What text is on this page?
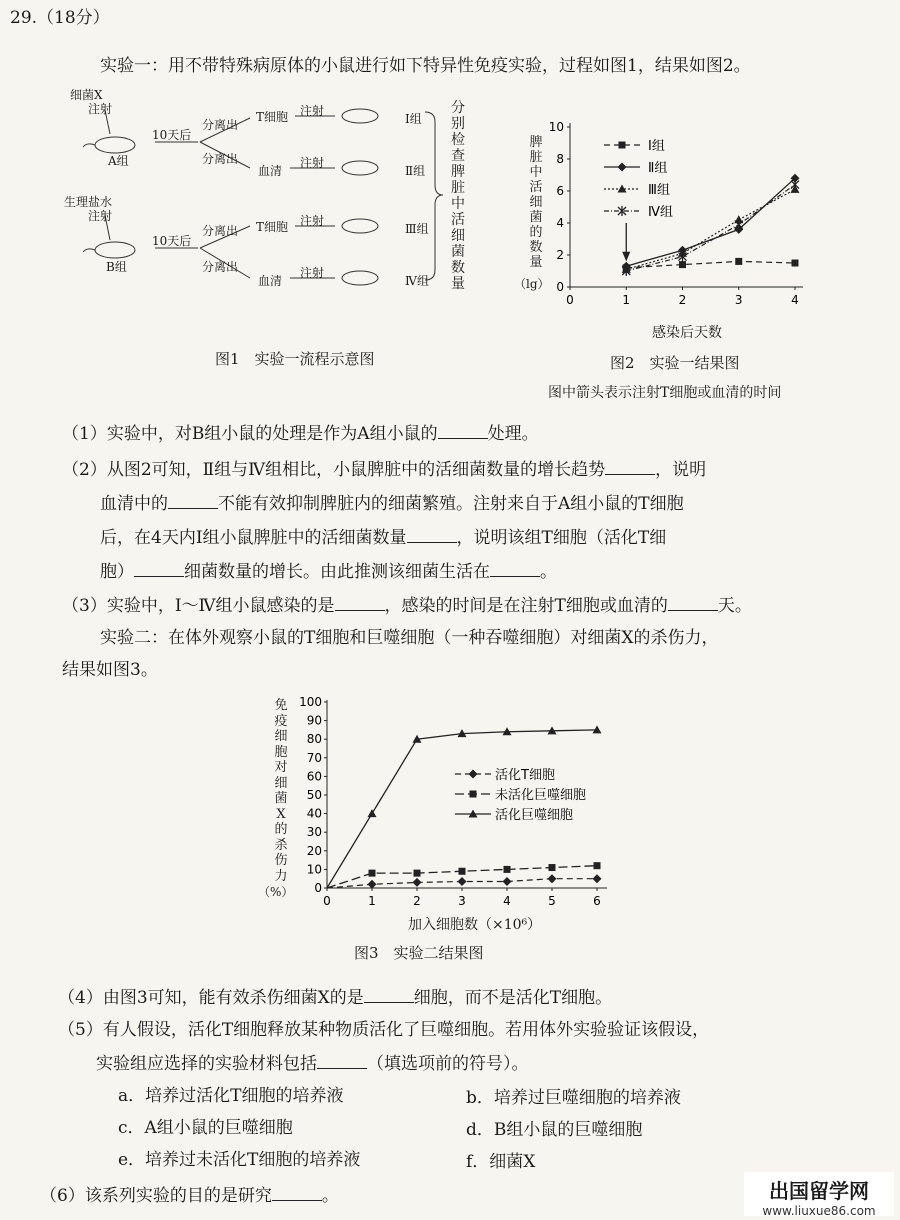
29.（18分）
实验一：用不带特殊病原体的小鼠进行如下特异性免疫实验，过程如图1，结果如图2。
细菌X
注射
A组
10天后
分离出
分离出
T细胞
血清
注射
注射
Ⅰ组
Ⅱ组
生理盐水
注射
B组
10天后
分离出
分离出
T细胞
血清
注射
注射
Ⅲ组
Ⅳ组
分别检查脾脏中活细菌数量
图1　实验一流程示意图
脾脏中活细菌的数量
（lg） 0
2
4
6
8
10
0	1	2	3	4
Ⅰ组
Ⅱ组
Ⅲ组
Ⅳ组
感染后天数
图2　实验一结果图
图中箭头表示注射T细胞或血清的时间
（1）实验中，对B组小鼠的处理是作为A组小鼠的	处理。
（2）从图2可知，Ⅱ组与Ⅳ组相比，小鼠脾脏中的活细菌数量的增长趋势	，说明
血清中的	不能有效抑制脾脏内的细菌繁殖。注射来自于A组小鼠的T细胞
后，在4天内Ⅰ组小鼠脾脏中的活细菌数量	，说明该组T细胞（活化T细
胞）	细菌数量的增长。由此推测该细菌生活在	。
（3）实验中，Ⅰ～Ⅳ组小鼠感染的是	，感染的时间是在注射T细胞或血清的	天。
实验二：在体外观察小鼠的T细胞和巨噬细胞（一种吞噬细胞）对细菌X的杀伤力，
结果如图3。
免疫细胞对细菌X的杀伤力
（%） 0
10
20
30
40
50
60
70
80
90
100
0	1	2	3	4	5	6
活化T细胞
未活化巨噬细胞
活化巨噬细胞
加入细胞数（×10⁶）
图3　实验二结果图
（4）由图3可知，能有效杀伤细菌X的是	细胞，而不是活化T细胞。
（5）有人假设，活化T细胞释放某种物质活化了巨噬细胞。若用体外实验验证该假设，
实验组应选择的实验材料包括	（填选项前的符号）。
a．培养过活化T细胞的培养液	b．培养过巨噬细胞的培养液
c．A组小鼠的巨噬细胞	d．B组小鼠的巨噬细胞
e．培养过未活化T细胞的培养液	f．细菌X
（6）该系列实验的目的是研究	。	出国留学网
www.liuxue86.com
